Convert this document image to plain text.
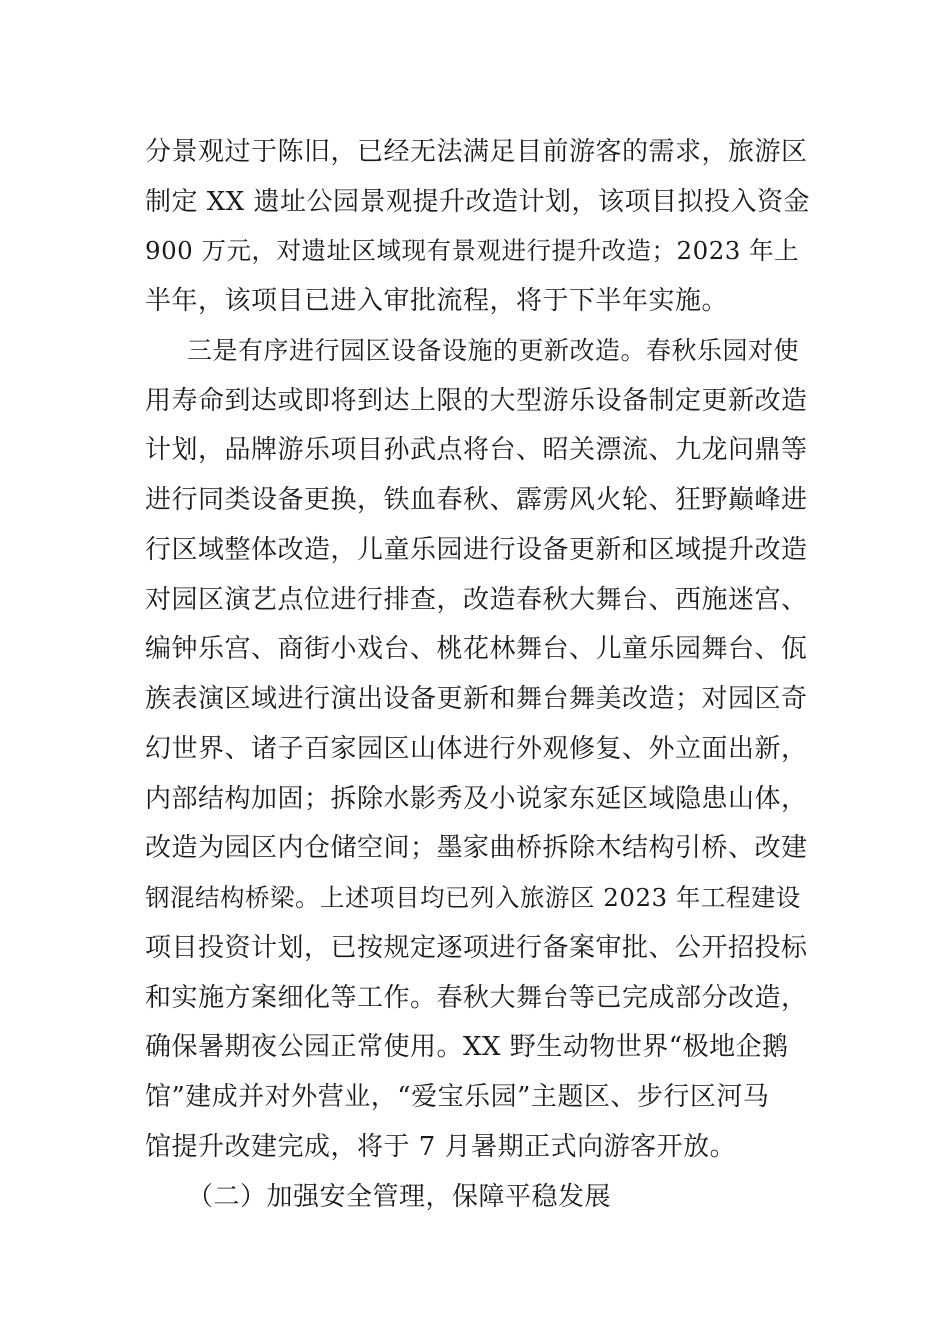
分景观过于陈旧，已经无法满足目前游客的需求，旅游区
制定 XX 遗址公园景观提升改造计划，该项目拟投入资金
900 万元，对遗址区域现有景观进行提升改造；2023 年上
半年，该项目已进入审批流程，将于下半年实施。
三是有序进行园区设备设施的更新改造。春秋乐园对使
用寿命到达或即将到达上限的大型游乐设备制定更新改造
计划，品牌游乐项目孙武点将台、昭关漂流、九龙问鼎等
进行同类设备更换，铁血春秋、霹雳风火轮、狂野巅峰进
行区域整体改造，儿童乐园进行设备更新和区域提升改造
对园区演艺点位进行排查，改造春秋大舞台、西施迷宫、
编钟乐宫、商街小戏台、桃花林舞台、儿童乐园舞台、佤
族表演区域进行演出设备更新和舞台舞美改造；对园区奇
幻世界、诸子百家园区山体进行外观修复、外立面出新，
内部结构加固；拆除水影秀及小说家东延区域隐患山体，
改造为园区内仓储空间；墨家曲桥拆除木结构引桥、改建
钢混结构桥梁。上述项目均已列入旅游区 2023 年工程建设
项目投资计划，已按规定逐项进行备案审批、公开招投标
和实施方案细化等工作。春秋大舞台等已完成部分改造，
确保暑期夜公园正常使用。XX 野生动物世界“极地企鹅
馆”建成并对外营业，“爱宝乐园”主题区、步行区河马
馆提升改建完成，将于 7 月暑期正式向游客开放。
（二）加强安全管理，保障平稳发展
